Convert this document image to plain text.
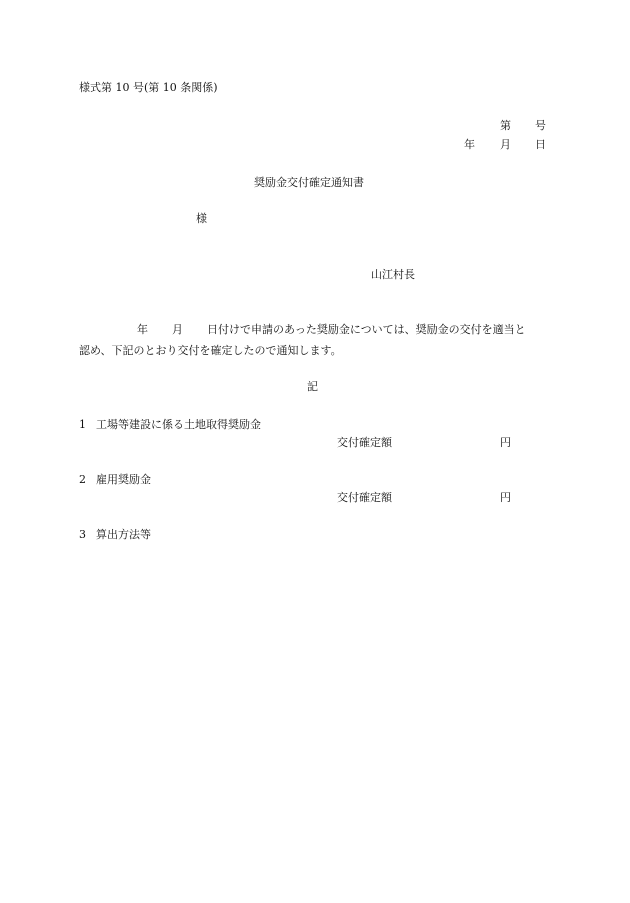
様式第 10 号(第 10 条関係)
第 号
年 月 日
奨励金交付確定通知書
様
山江村長
年 月 日付けで申請のあった奨励金については、奨励金の交付を適当と
認め、下記のとおり交付を確定したので通知します。
記
1 工場等建設に係る土地取得奨励金
交付確定額	円
2 雇用奨励金
交付確定額	円
3 算出方法等
